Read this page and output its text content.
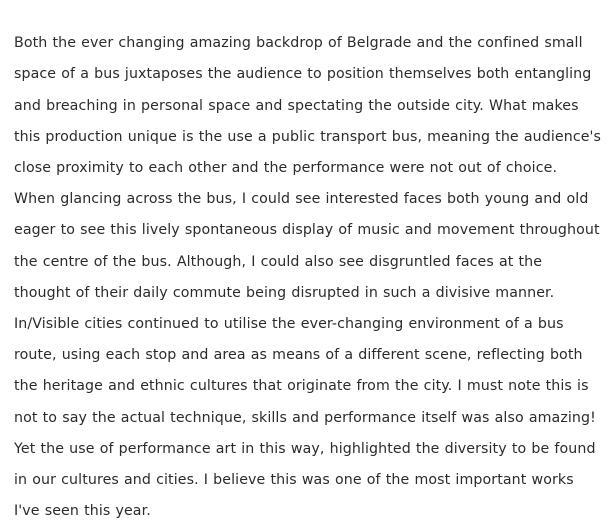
Both the ever changing amazing backdrop of Belgrade and the confined small space of a bus juxtaposes the audience to position themselves both entangling and breaching in personal space and spectating the outside city. What makes this production unique is the use a public transport bus, meaning the audience's close proximity to each other and the performance were not out of choice. When glancing across the bus, I could see interested faces both young and old eager to see this lively spontaneous display of music and movement throughout the centre of the bus. Although, I could also see disgruntled faces at the thought of their daily commute being disrupted in such a divisive manner. In/Visible cities continued to utilise the ever-changing environment of a bus route, using each stop and area as means of a different scene, reflecting both the heritage and ethnic cultures that originate from the city. I must note this is not to say the actual technique, skills and performance itself was also amazing! Yet the use of performance art in this way, highlighted the diversity to be found in our cultures and cities. I believe this was one of the most important works I've seen this year.
